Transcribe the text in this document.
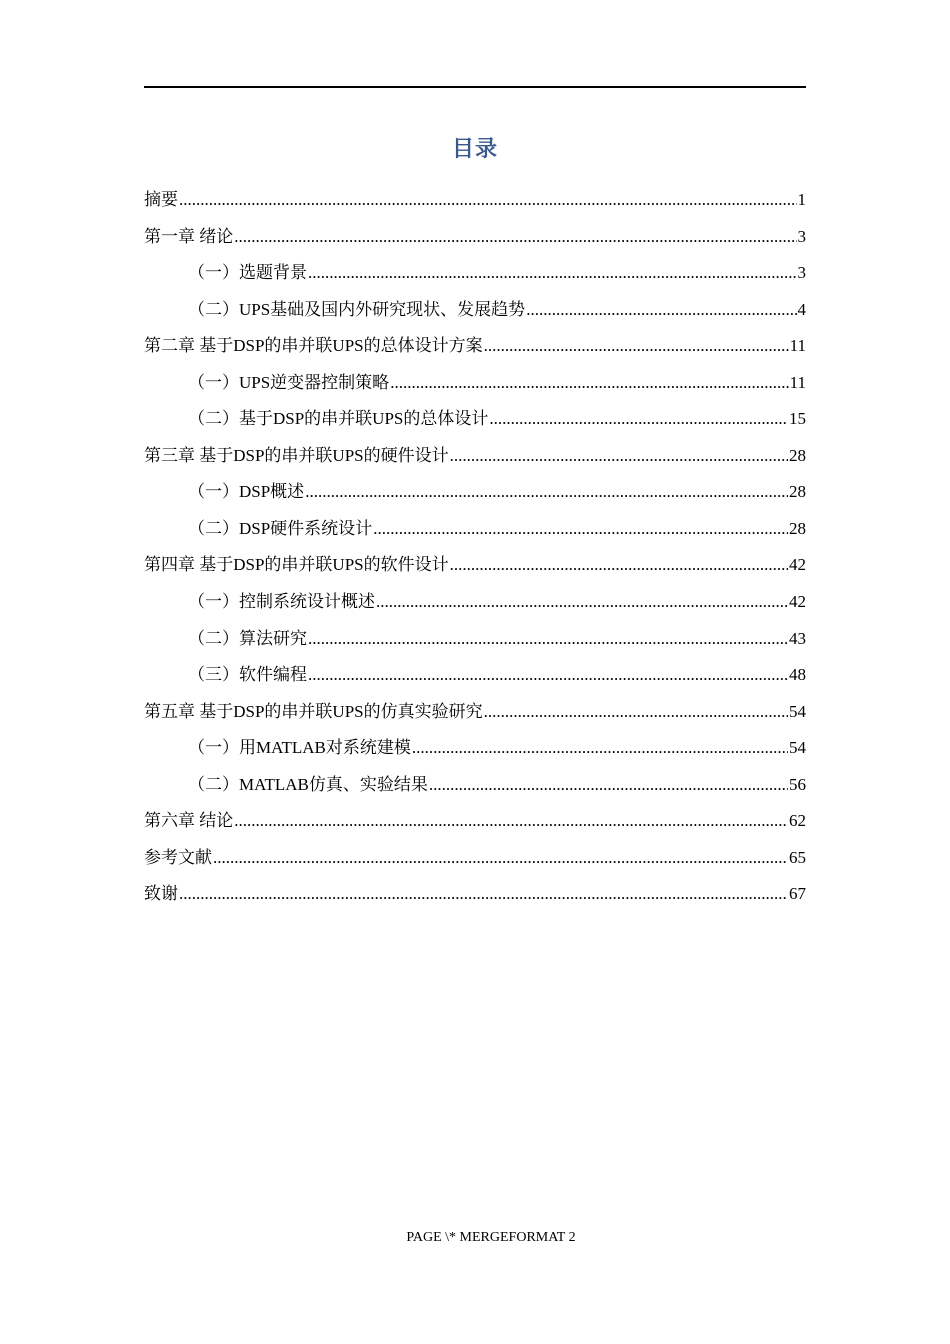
目录
摘要 .....	1
第一章 绪论 .....	3
（一）选题背景 .....	3
（二）UPS基础及国内外研究现状、发展趋势 .....	4
第二章 基于DSP的串并联UPS的总体设计方案 .....	11
（一）UPS逆变器控制策略 .....	11
（二）基于DSP的串并联UPS的总体设计 .....	15
第三章 基于DSP的串并联UPS的硬件设计 .....	28
（一）DSP概述 .....	28
（二）DSP硬件系统设计 .....	28
第四章 基于DSP的串并联UPS的软件设计 .....	42
（一）控制系统设计概述 .....	42
（二）算法研究 .....	43
（三）软件编程 .....	48
第五章 基于DSP的串并联UPS的仿真实验研究 .....	54
（一）用MATLAB对系统建模 .....	54
（二）MATLAB仿真、实验结果 .....	56
第六章 结论 .....	62
参考文献 .....	65
致谢 .....	67
PAGE \* MERGEFORMAT 2
